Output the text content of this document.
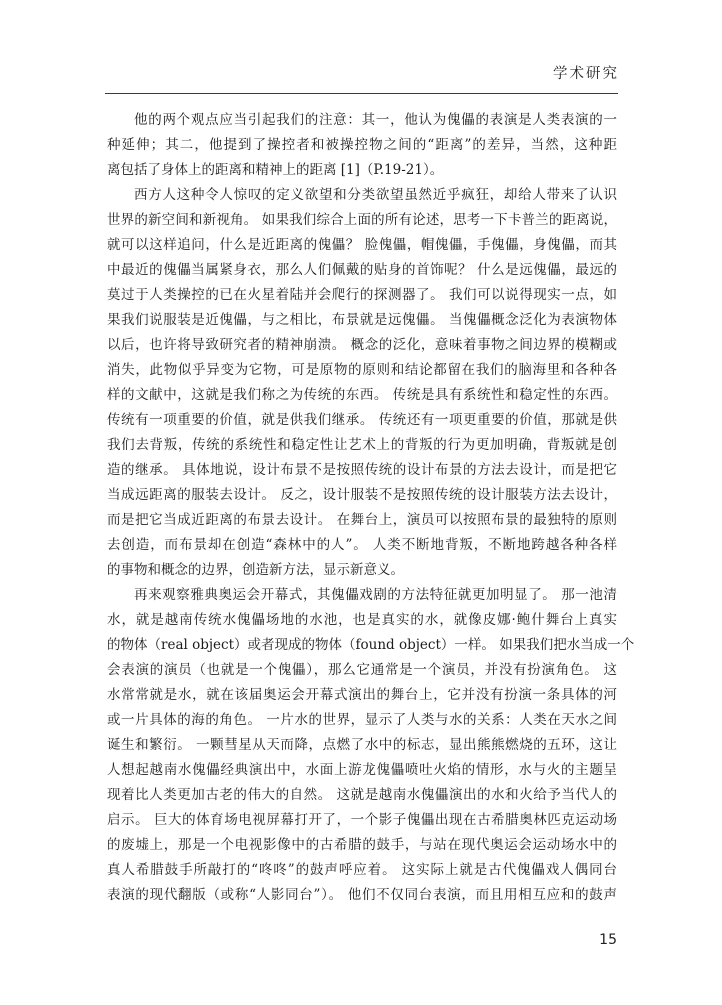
学术研究
他的两个观点应当引起我们的注意：其一，他认为傀儡的表演是人类表演的一
种延伸；其二，他提到了操控者和被操控物之间的“距离”的差异，当然，这种距
离包括了身体上的距离和精神上的距离 [1]（P.19-21）。
西方人这种令人惊叹的定义欲望和分类欲望虽然近乎疯狂，却给人带来了认识
世界的新空间和新视角。 如果我们综合上面的所有论述，思考一下卡普兰的距离说，
就可以这样追问，什么是近距离的傀儡？ 脸傀儡，帽傀儡，手傀儡，身傀儡，而其
中最近的傀儡当属紧身衣，那么人们佩戴的贴身的首饰呢？ 什么是远傀儡，最远的
莫过于人类操控的已在火星着陆并会爬行的探测器了。 我们可以说得现实一点，如
果我们说服装是近傀儡，与之相比，布景就是远傀儡。 当傀儡概念泛化为表演物体
以后，也许将导致研究者的精神崩溃。 概念的泛化，意味着事物之间边界的模糊或
消失，此物似乎异变为它物，可是原物的原则和结论都留在我们的脑海里和各种各
样的文献中，这就是我们称之为传统的东西。 传统是具有系统性和稳定性的东西。
传统有一项重要的价值，就是供我们继承。 传统还有一项更重要的价值，那就是供
我们去背叛，传统的系统性和稳定性让艺术上的背叛的行为更加明确，背叛就是创
造的继承。 具体地说，设计布景不是按照传统的设计布景的方法去设计，而是把它
当成远距离的服装去设计。 反之，设计服装不是按照传统的设计服装方法去设计，
而是把它当成近距离的布景去设计。 在舞台上，演员可以按照布景的最独特的原则
去创造，而布景却在创造“森林中的人”。 人类不断地背叛，不断地跨越各种各样
的事物和概念的边界，创造新方法，显示新意义。
再来观察雅典奥运会开幕式，其傀儡戏剧的方法特征就更加明显了。 那一池清
水，就是越南传统水傀儡场地的水池，也是真实的水，就像皮娜·鲍什舞台上真实
的物体（real object）或者现成的物体（found object）一样。 如果我们把水当成一个
会表演的演员（也就是一个傀儡），那么它通常是一个演员，并没有扮演角色。 这
水常常就是水，就在该届奥运会开幕式演出的舞台上，它并没有扮演一条具体的河
或一片具体的海的角色。 一片水的世界，显示了人类与水的关系：人类在天水之间
诞生和繁衍。 一颗彗星从天而降，点燃了水中的标志，显出熊熊燃烧的五环，这让
人想起越南水傀儡经典演出中，水面上游龙傀儡喷吐火焰的情形，水与火的主题呈
现着比人类更加古老的伟大的自然。 这就是越南水傀儡演出的水和火给予当代人的
启示。 巨大的体育场电视屏幕打开了，一个影子傀儡出现在古希腊奥林匹克运动场
的废墟上，那是一个电视影像中的古希腊的鼓手，与站在现代奥运会运动场水中的
真人希腊鼓手所敲打的“咚咚”的鼓声呼应着。 这实际上就是古代傀儡戏人偶同台
表演的现代翻版（或称“人影同台”）。 他们不仅同台表演，而且用相互应和的鼓声
15
